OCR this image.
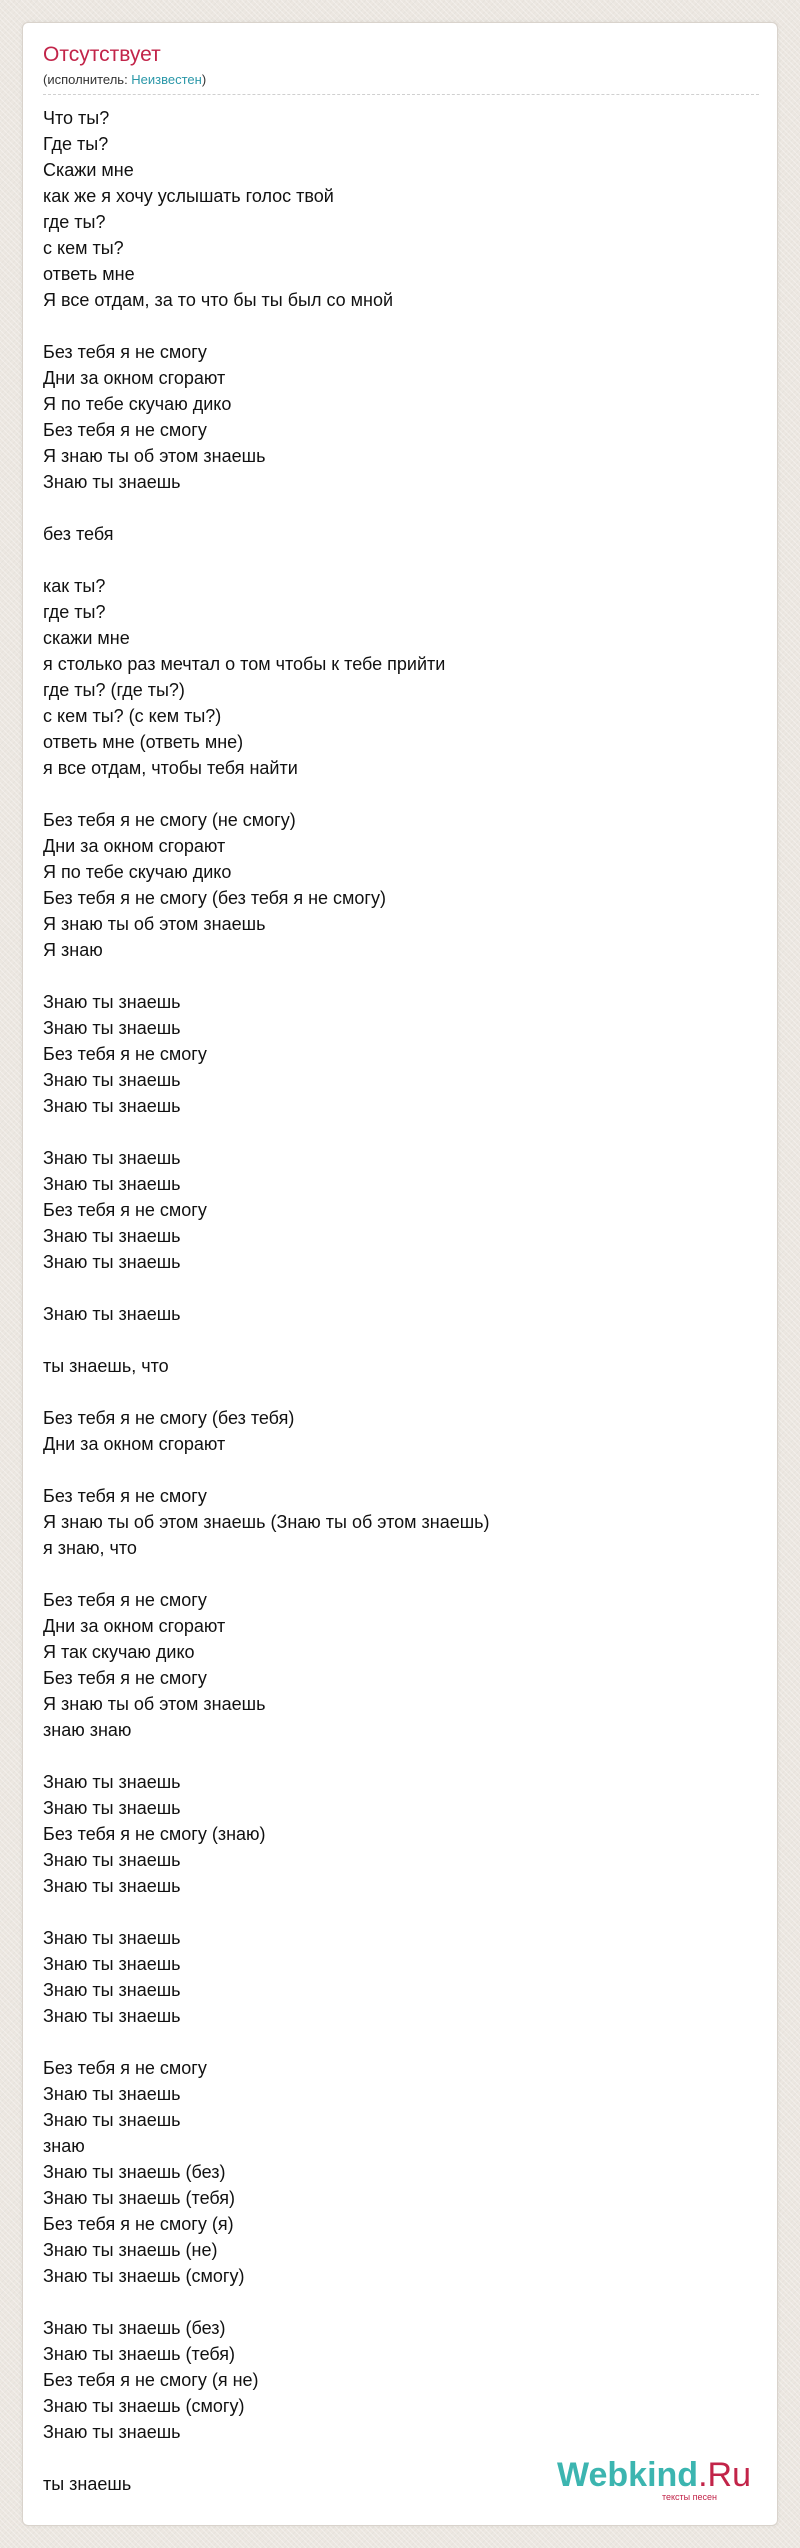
Отсутствует
(исполнитель: Неизвестен)
Что ты?
Где ты?
Скажи мне
как же я хочу услышать голос твой
где ты?
с кем ты?
ответь мне
Я все отдам, за то что бы ты был со мной
Без тебя я не смогу
Дни за окном сгорают
Я по тебе скучаю дико
Без тебя я не смогу
Я знаю ты об этом знаешь
Знаю ты знаешь
без тебя
как ты?
где ты?
скажи мне
я столько раз мечтал о том чтобы к тебе прийти
где ты? (где ты?)
с кем ты? (с кем ты?)
ответь мне (ответь мне)
я все отдам, чтобы тебя найти
Без тебя я не смогу (не смогу)
Дни за окном сгорают
Я по тебе скучаю дико
Без тебя я не смогу (без тебя я не смогу)
Я знаю ты об этом знаешь
Я знаю
Знаю ты знаешь
Знаю ты знаешь
Без тебя я не смогу
Знаю ты знаешь
Знаю ты знаешь
Знаю ты знаешь
Знаю ты знаешь
Без тебя я не смогу
Знаю ты знаешь
Знаю ты знаешь
Знаю ты знаешь
ты знаешь, что
Без тебя я не смогу (без тебя)
Дни за окном сгорают
Без тебя я не смогу
Я знаю ты об этом знаешь (Знаю ты об этом знаешь)
я знаю, что
Без тебя я не смогу
Дни за окном сгорают
Я так скучаю дико
Без тебя я не смогу
Я знаю ты об этом знаешь
знаю знаю
Знаю ты знаешь
Знаю ты знаешь
Без тебя я не смогу (знаю)
Знаю ты знаешь
Знаю ты знаешь
Знаю ты знаешь
Знаю ты знаешь
Знаю ты знаешь
Знаю ты знаешь
Без тебя я не смогу
Знаю ты знаешь
Знаю ты знаешь
знаю
Знаю ты знаешь (без)
Знаю ты знаешь (тебя)
Без тебя я не смогу (я)
Знаю ты знаешь (не)
Знаю ты знаешь (смогу)
Знаю ты знаешь (без)
Знаю ты знаешь (тебя)
Без тебя я не смогу (я не)
Знаю ты знаешь (смогу)
Знаю ты знаешь
ты знаешь	Webkind.Ru
тексты песен
